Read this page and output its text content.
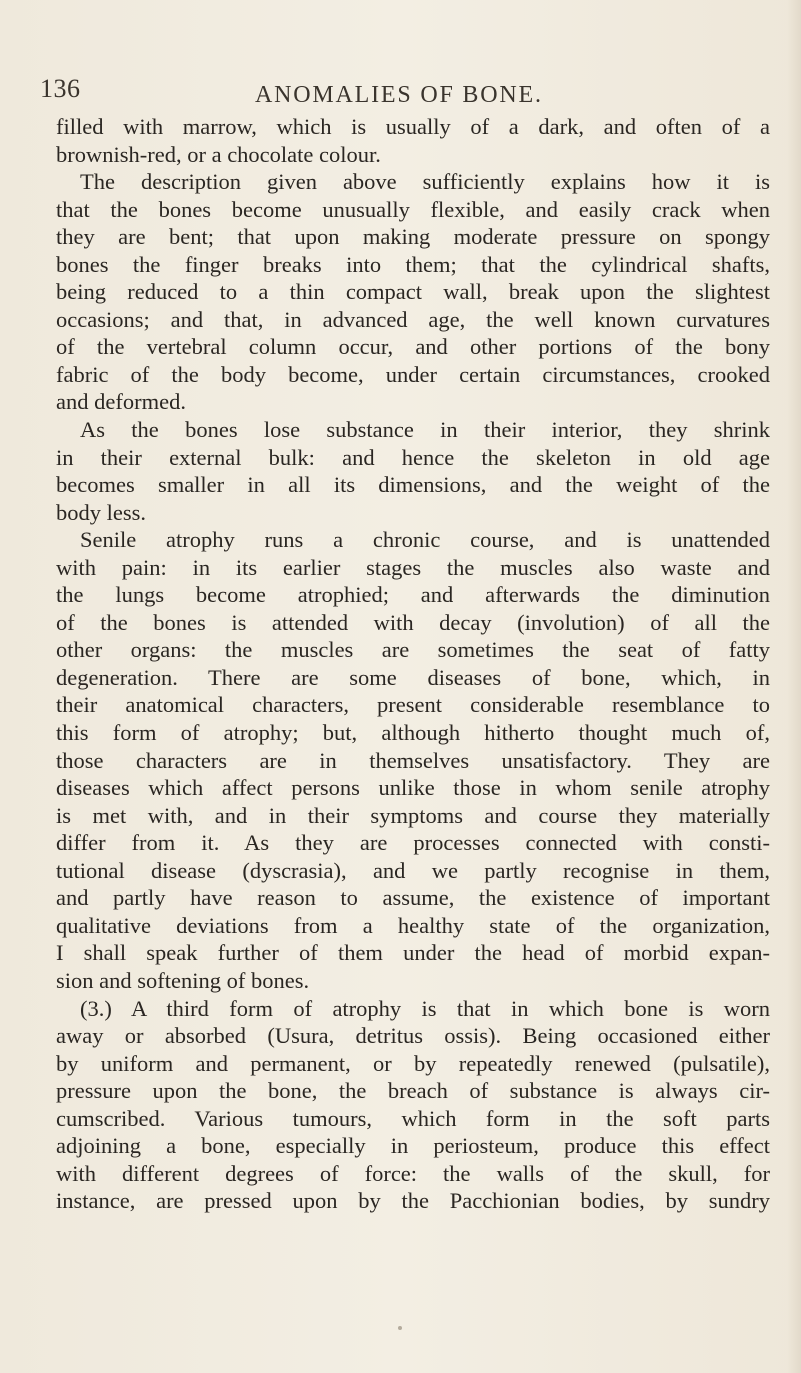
136	ANOMALIES OF BONE.
filled with marrow, which is usually of a dark, and often of a
brownish-red, or a chocolate colour.
The description given above sufficiently explains how it is
that the bones become unusually flexible, and easily crack when
they are bent; that upon making moderate pressure on spongy
bones the finger breaks into them; that the cylindrical shafts,
being reduced to a thin compact wall, break upon the slightest
occasions; and that, in advanced age, the well known curvatures
of the vertebral column occur, and other portions of the bony
fabric of the body become, under certain circumstances, crooked
and deformed.
As the bones lose substance in their interior, they shrink
in their external bulk: and hence the skeleton in old age
becomes smaller in all its dimensions, and the weight of the
body less.
Senile atrophy runs a chronic course, and is unattended
with pain: in its earlier stages the muscles also waste and
the lungs become atrophied; and afterwards the diminution
of the bones is attended with decay (involution) of all the
other organs: the muscles are sometimes the seat of fatty
degeneration. There are some diseases of bone, which, in
their anatomical characters, present considerable resemblance to
this form of atrophy; but, although hitherto thought much of,
those characters are in themselves unsatisfactory. They are
diseases which affect persons unlike those in whom senile atrophy
is met with, and in their symptoms and course they materially
differ from it. As they are processes connected with consti-
tutional disease (dyscrasia), and we partly recognise in them,
and partly have reason to assume, the existence of important
qualitative deviations from a healthy state of the organization,
I shall speak further of them under the head of morbid expan-
sion and softening of bones.
(3.) A third form of atrophy is that in which bone is worn
away or absorbed (Usura, detritus ossis). Being occasioned either
by uniform and permanent, or by repeatedly renewed (pulsatile),
pressure upon the bone, the breach of substance is always cir-
cumscribed. Various tumours, which form in the soft parts
adjoining a bone, especially in periosteum, produce this effect
with different degrees of force: the walls of the skull, for
instance, are pressed upon by the Pacchionian bodies, by sundry
